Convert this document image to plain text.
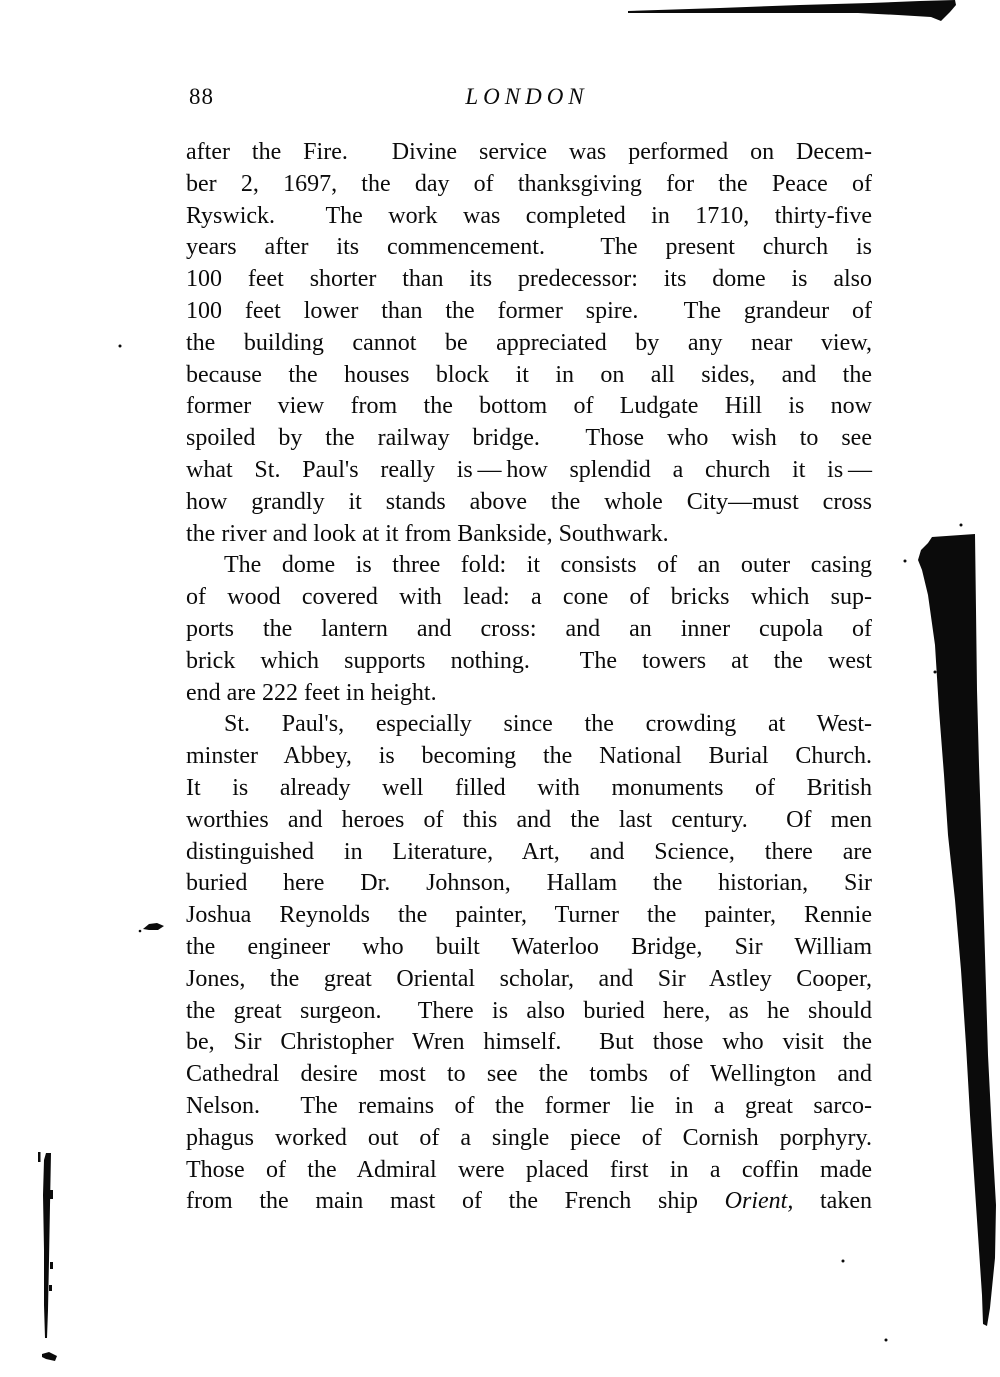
88	LONDON
after the Fire.  Divine service was performed on Decem-
ber 2, 1697, the day of thanksgiving for the Peace of
Ryswick.  The work was completed in 1710, thirty-five
years after its commencement.  The present church is
100 feet shorter than its predecessor: its dome is also
100 feet lower than the former spire.  The grandeur of
the building cannot be appreciated by any near view,
because the houses block it in on all sides, and the
former view from the bottom of Ludgate Hill is now
spoiled by the railway bridge.  Those who wish to see
what St. Paul's really is — how splendid a church it is —
how grandly it stands above the whole City—must cross
the river and look at it from Bankside, Southwark.
The dome is three fold: it consists of an outer casing
of wood covered with lead: a cone of bricks which sup-
ports the lantern and cross: and an inner cupola of
brick which supports nothing.  The towers at the west
end are 222 feet in height.
St. Paul's, especially since the crowding at West-
minster Abbey, is becoming the National Burial Church.
It is already well filled with monuments of British
worthies and heroes of this and the last century.  Of men
distinguished in Literature, Art, and Science, there are
buried here Dr. Johnson, Hallam the historian, Sir
Joshua Reynolds the painter, Turner the painter, Rennie
the engineer who built Waterloo Bridge, Sir William
Jones, the great Oriental scholar, and Sir Astley Cooper,
the great surgeon.  There is also buried here, as he should
be, Sir Christopher Wren himself.  But those who visit the
Cathedral desire most to see the tombs of Wellington and
Nelson.  The remains of the former lie in a great sarco-
phagus worked out of a single piece of Cornish porphyry.
Those of the Admiral were placed first in a coffin made
from the main mast of the French ship Orient, taken
